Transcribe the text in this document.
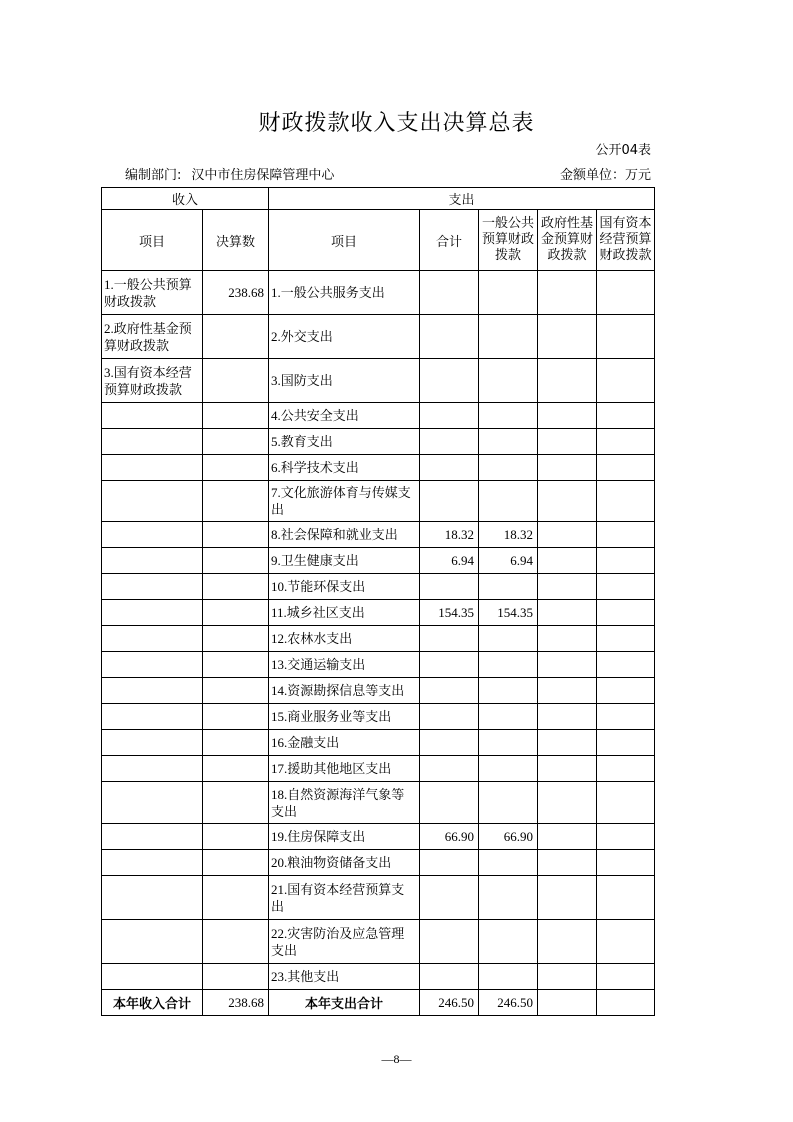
财政拨款收入支出决算总表
公开04表
编制部门: 汉中市住房保障管理中心	金额单位：万元
收入		支出				
项目	决算数	项目	合计	一般公共预算财政拨款	政府性基金预算财政拨款	国有资本经营预算财政拨款
1.一般公共预算财政拨款	238.68	1.一般公共服务支出				
2.政府性基金预算财政拨款		2.外交支出				
3.国有资本经营预算财政拨款		3.国防支出				
		4.公共安全支出				
		5.教育支出				
		6.科学技术支出				
		7.文化旅游体育与传媒支出				
		8.社会保障和就业支出	18.32	18.32		
		9.卫生健康支出	6.94	6.94		
		10.节能环保支出				
		11.城乡社区支出	154.35	154.35		
		12.农林水支出				
		13.交通运输支出				
		14.资源勘探信息等支出				
		15.商业服务业等支出				
		16.金融支出				
		17.援助其他地区支出				
		18.自然资源海洋气象等支出				
		19.住房保障支出	66.90	66.90		
		20.粮油物资储备支出				
		21.国有资本经营预算支出				
		22.灾害防治及应急管理支出				
		23.其他支出				
本年收入合计	238.68	本年支出合计	246.50	246.50		
—8—
